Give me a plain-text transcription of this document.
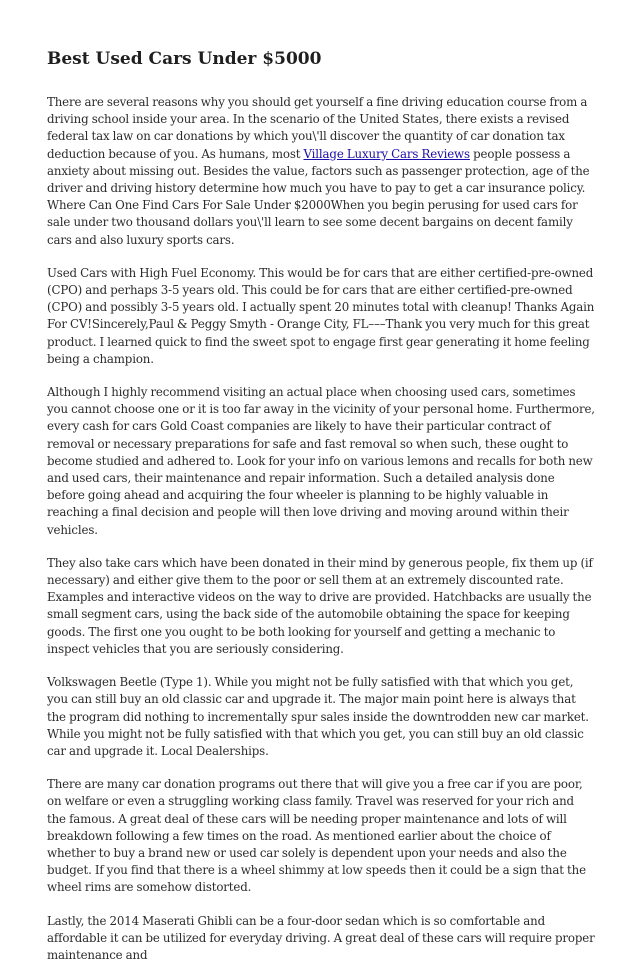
Best Used Cars Under $5000

There are several reasons why you should get yourself a fine driving education course from a driving school inside your area. In the scenario of the United States, there exists a revised federal tax law on car donations by which you\'ll discover the quantity of car donation tax deduction because of you. As humans, most Village Luxury Cars Reviews people possess a anxiety about missing out. Besides the value, factors such as passenger protection, age of the driver and driving history determine how much you have to pay to get a car insurance policy. Where Can One Find Cars For Sale Under $2000When you begin perusing for used cars for sale under two thousand dollars you\'ll learn to see some decent bargains on decent family cars and also luxury sports cars.

Used Cars with High Fuel Economy. This would be for cars that are either certified-pre-owned (CPO) and perhaps 3-5 years old. This could be for cars that are either certified-pre-owned (CPO) and possibly 3-5 years old. I actually spent 20 minutes total with cleanup! Thanks Again For CV!Sincerely,Paul & Peggy Smyth - Orange City, FL–––Thank you very much for this great product. I learned quick to find the sweet spot to engage first gear generating it home feeling being a champion.

Although I highly recommend visiting an actual place when choosing used cars, sometimes you cannot choose one or it is too far away in the vicinity of your personal home. Furthermore, every cash for cars Gold Coast companies are likely to have their particular contract of removal or necessary preparations for safe and fast removal so when such, these ought to become studied and adhered to. Look for your info on various lemons and recalls for both new and used cars, their maintenance and repair information. Such a detailed analysis done before going ahead and acquiring the four wheeler is planning to be highly valuable in reaching a final decision and people will then love driving and moving around within their vehicles.

They also take cars which have been donated in their mind by generous people, fix them up (if necessary) and either give them to the poor or sell them at an extremely discounted rate. Examples and interactive videos on the way to drive are provided. Hatchbacks are usually the small segment cars, using the back side of the automobile obtaining the space for keeping goods. The first one you ought to be both looking for yourself and getting a mechanic to inspect vehicles that you are seriously considering.

Volkswagen Beetle (Type 1). While you might not be fully satisfied with that which you get, you can still buy an old classic car and upgrade it. The major main point here is always that the program did nothing to incrementally spur sales inside the downtrodden new car market. While you might not be fully satisfied with that which you get, you can still buy an old classic car and upgrade it. Local Dealerships.

There are many car donation programs out there that will give you a free car if you are poor, on welfare or even a struggling working class family. Travel was reserved for your rich and the famous. A great deal of these cars will be needing proper maintenance and lots of will breakdown following a few times on the road. As mentioned earlier about the choice of whether to buy a brand new or used car solely is dependent upon your needs and also the budget. If you find that there is a wheel shimmy at low speeds then it could be a sign that the wheel rims are somehow distorted.

Lastly, the 2014 Maserati Ghibli can be a four-door sedan which is so comfortable and affordable it can be utilized for everyday driving. A great deal of these cars will require proper maintenance and
